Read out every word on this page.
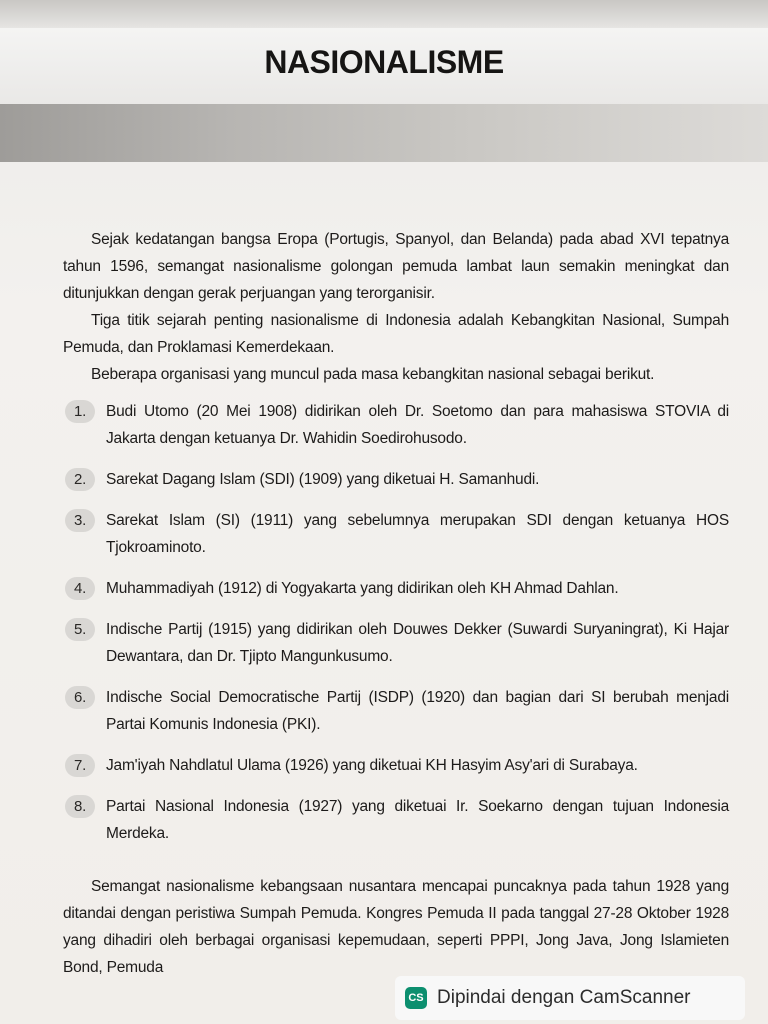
NASIONALISME

Sejak kedatangan bangsa Eropa (Portugis, Spanyol, dan Belanda) pada abad XVI tepatnya tahun 1596, semangat nasionalisme golongan pemuda lambat laun semakin meningkat dan ditunjukkan dengan gerak perjuangan yang terorganisir.

Tiga titik sejarah penting nasionalisme di Indonesia adalah Kebangkitan Nasional, Sumpah Pemuda, dan Proklamasi Kemerdekaan.

Beberapa organisasi yang muncul pada masa kebangkitan nasional sebagai berikut.

1.	Budi Utomo (20 Mei 1908) didirikan oleh Dr. Soetomo dan para mahasiswa STOVIA di Jakarta dengan ketuanya Dr. Wahidin Soedirohusodo.
2.	Sarekat Dagang Islam (SDI) (1909) yang diketuai H. Samanhudi.
3.	Sarekat Islam (SI) (1911) yang sebelumnya merupakan SDI dengan ketuanya HOS Tjokroaminoto.
4.	Muhammadiyah (1912) di Yogyakarta yang didirikan oleh KH Ahmad Dahlan.
5.	Indische Partij (1915) yang didirikan oleh Douwes Dekker (Suwardi Suryaningrat), Ki Hajar Dewantara, dan Dr. Tjipto Mangunkusumo.
6.	Indische Social Democratische Partij (ISDP) (1920) dan bagian dari SI berubah menjadi Partai Komunis Indonesia (PKI).
7.	Jam'iyah Nahdlatul Ulama (1926) yang diketuai KH Hasyim Asy'ari di Surabaya.
8.	Partai Nasional Indonesia (1927) yang diketuai Ir. Soekarno dengan tujuan Indonesia Merdeka.

Semangat nasionalisme kebangsaan nusantara mencapai puncaknya pada tahun 1928 yang ditandai dengan peristiwa Sumpah Pemuda. Kongres Pemuda II pada tanggal 27-28 Oktober 1928 yang dihadiri oleh berbagai organisasi kepemudaan, seperti PPPI, Jong Java, Jong Islamieten Bond, Pemuda

CS Dipindai dengan CamScanner
